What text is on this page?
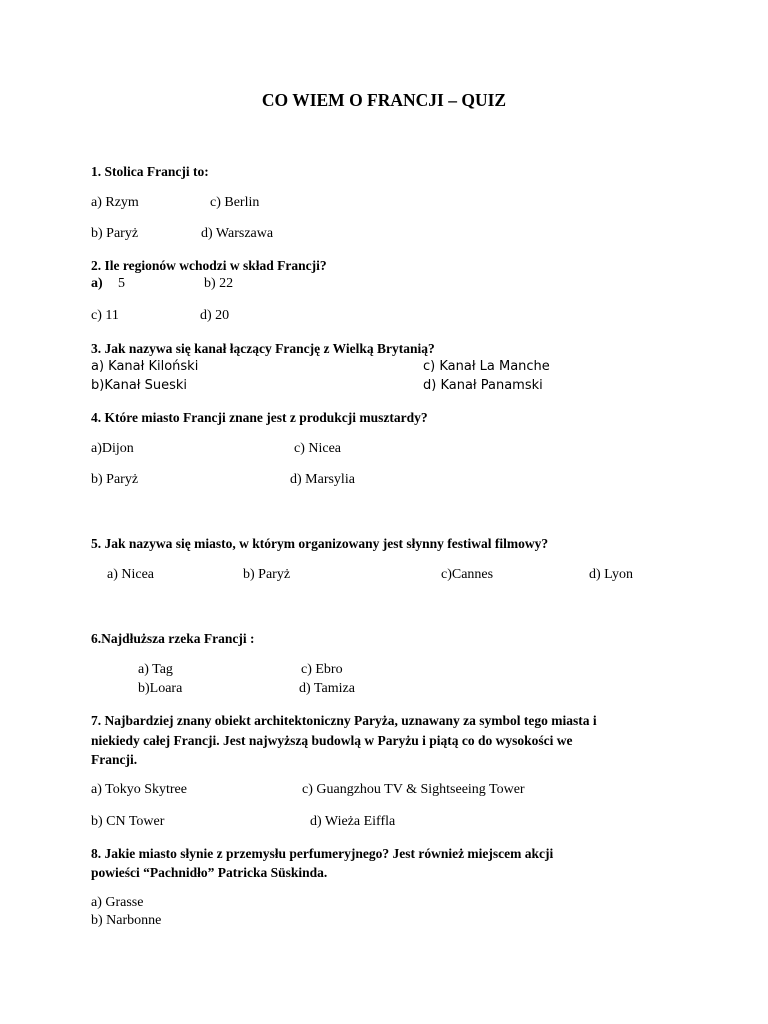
CO WIEM O FRANCJI – QUIZ
1. Stolica Francji to:
a) Rzym	c) Berlin
b) Paryż	d) Warszawa
2. Ile regionów wchodzi w skład Francji?
a) 5	b) 22
c) 11	d) 20
3. Jak nazywa się kanał łączący Francję z Wielką Brytanią?
a) Kanał Kiloński	c) Kanał La Manche
b)Kanał Sueski	d) Kanał Panamski
4. Które miasto Francji znane jest z produkcji musztardy?
a)Dijon	c) Nicea
b) Paryż	d) Marsylia
5. Jak nazywa się miasto, w którym organizowany jest słynny festiwal filmowy?
a) Nicea	b) Paryż	c)Cannes	d) Lyon
6.Najdłuższa rzeka Francji :
a) Tag	c) Ebro
b)Loara	d) Tamiza
7. Najbardziej znany obiekt architektoniczny Paryża, uznawany za symbol tego miasta i
niekiedy całej Francji. Jest najwyższą budowlą w Paryżu i piątą co do wysokości we
Francji.
a) Tokyo Skytree	c) Guangzhou TV & Sightseeing Tower
b) CN Tower	d) Wieża Eiffla
8. Jakie miasto słynie z przemysłu perfumeryjnego? Jest również miejscem akcji
powieści “Pachnidło” Patricka Süskinda.
a) Grasse
b) Narbonne
